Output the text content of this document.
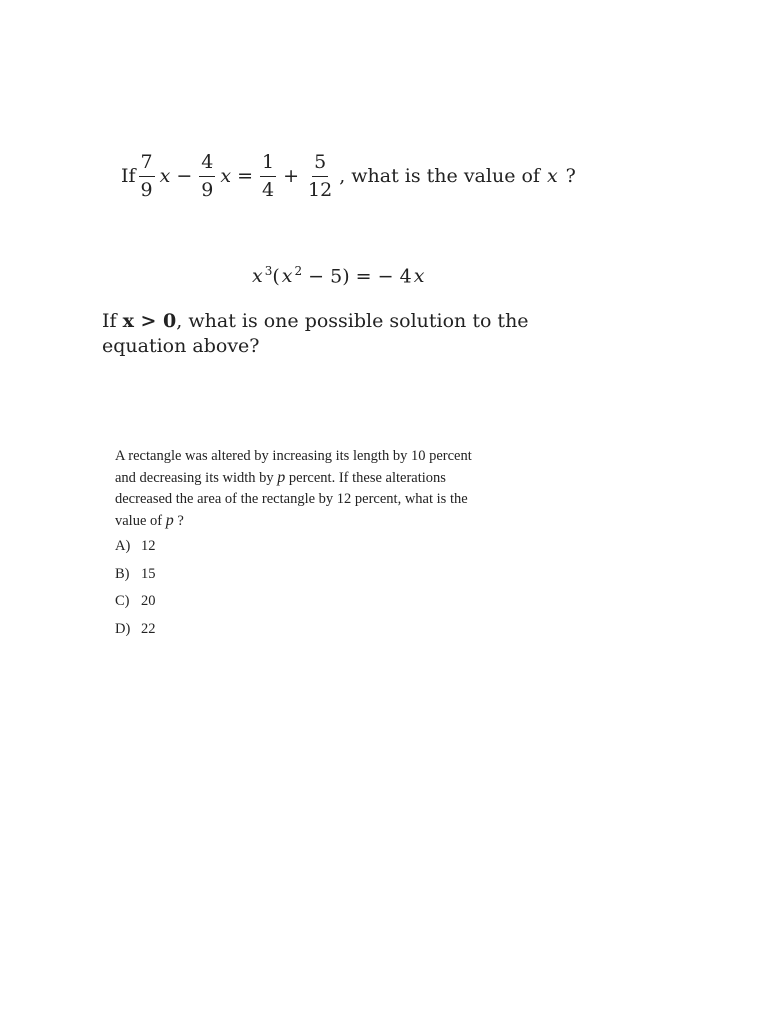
If $\frac{7}{9}$ $x - \frac{4}{9}$ $x = \frac{1}{4} + \frac{5}{12}$ , what is the value of x ?
x $^3$( x $^2$ − 5) = − 4 x
If x > 0, what is one possible solution to the equation above?
A rectangle was altered by increasing its length by 10 percent and decreasing its width by p percent. If these alterations decreased the area of the rectangle by 12 percent, what is the value of p ?
A) 12
B) 15
C) 20
D) 22
